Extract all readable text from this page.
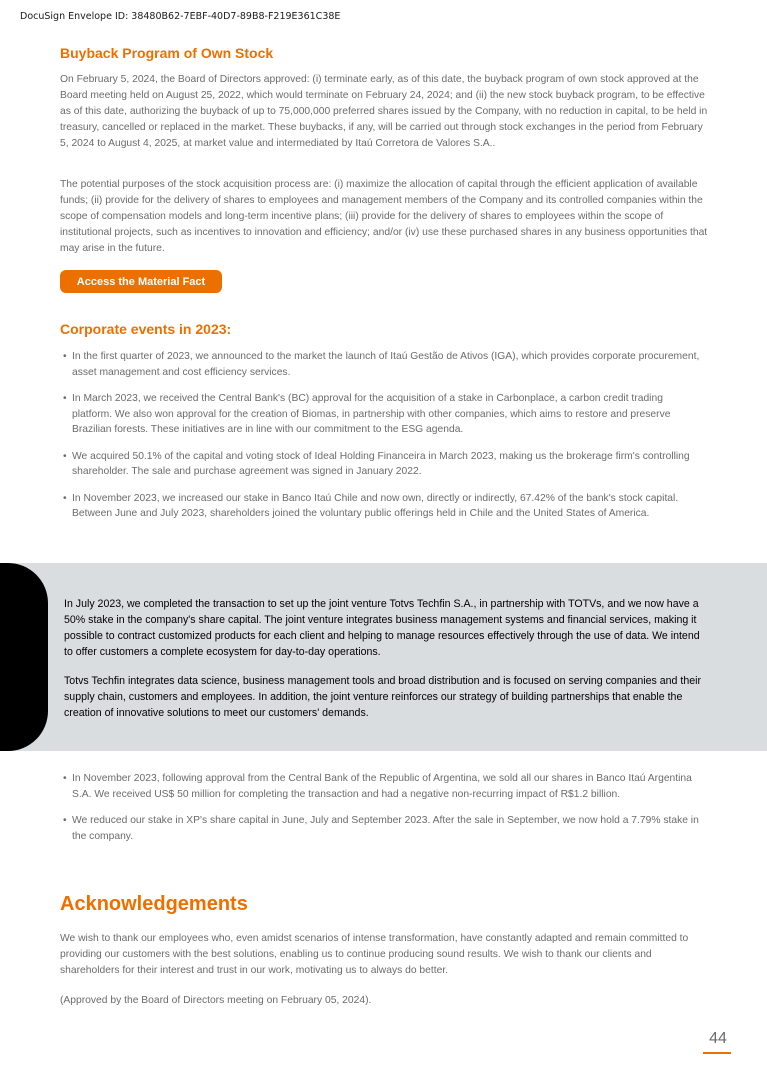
DocuSign Envelope ID: 38480B62-7EBF-40D7-89B8-F219E361C38E
Buyback Program of Own Stock

On February 5, 2024, the Board of Directors approved: (i) terminate early, as of this date, the buyback program of own stock approved at the Board meeting held on August 25, 2022, which would terminate on February 24, 2024; and (ii) the new stock buyback program, to be effective as of this date, authorizing the buyback of up to 75,000,000 preferred shares issued by the Company, with no reduction in capital, to be held in treasury, cancelled or replaced in the market. These buybacks, if any, will be carried out through stock exchanges in the period from February 5, 2024 to August 4, 2025, at market value and intermediated by Itaú Corretora de Valores S.A..

The potential purposes of the stock acquisition process are: (i) maximize the allocation of capital through the efficient application of available funds; (ii) provide for the delivery of shares to employees and management members of the Company and its controlled companies within the scope of compensation models and long-term incentive plans; (iii) provide for the delivery of shares to employees within the scope of institutional projects, such as incentives to innovation and efficiency; and/or (iv) use these purchased shares in any business opportunities that may arise in the future.

Access the Material Fact
Corporate events in 2023:
• In the first quarter of 2023, we announced to the market the launch of Itaú Gestão de Ativos (IGA), which provides corporate procurement, asset management and cost efficiency services.
• In March 2023, we received the Central Bank's (BC) approval for the acquisition of a stake in Carbonplace, a carbon credit trading platform. We also won approval for the creation of Biomas, in partnership with other companies, which aims to restore and preserve Brazilian forests. These initiatives are in line with our commitment to the ESG agenda.
• We acquired 50.1% of the capital and voting stock of Ideal Holding Financeira in March 2023, making us the brokerage firm's controlling shareholder. The sale and purchase agreement was signed in January 2022.
• In November 2023, we increased our stake in Banco Itaú Chile and now own, directly or indirectly, 67.42% of the bank's stock capital. Between June and July 2023, shareholders joined the voluntary public offerings held in Chile and the United States of America.

In July 2023, we completed the transaction to set up the joint venture Totvs Techfin S.A., in partnership with TOTVs, and we now have a 50% stake in the company's share capital. The joint venture integrates business management systems and financial services, making it possible to contract customized products for each client and helping to manage resources effectively through the use of data. We intend to offer customers a complete ecosystem for day-to-day operations.

Totvs Techfin integrates data science, business management tools and broad distribution and is focused on serving companies and their supply chain, customers and employees. In addition, the joint venture reinforces our strategy of building partnerships that enable the creation of innovative solutions to meet our customers' demands.

• In November 2023, following approval from the Central Bank of the Republic of Argentina, we sold all our shares in Banco Itaú Argentina S.A. We received US$ 50 million for completing the transaction and had a negative non-recurring impact of R$1.2 billion.
• We reduced our stake in XP's share capital in June, July and September 2023. After the sale in September, we now hold a 7.79% stake in the company.
Acknowledgements

We wish to thank our employees who, even amidst scenarios of intense transformation, have constantly adapted and remain committed to providing our customers with the best solutions, enabling us to continue producing sound results. We wish to thank our clients and shareholders for their interest and trust in our work, motivating us to always do better.

(Approved by the Board of Directors meeting on February 05, 2024).

44
